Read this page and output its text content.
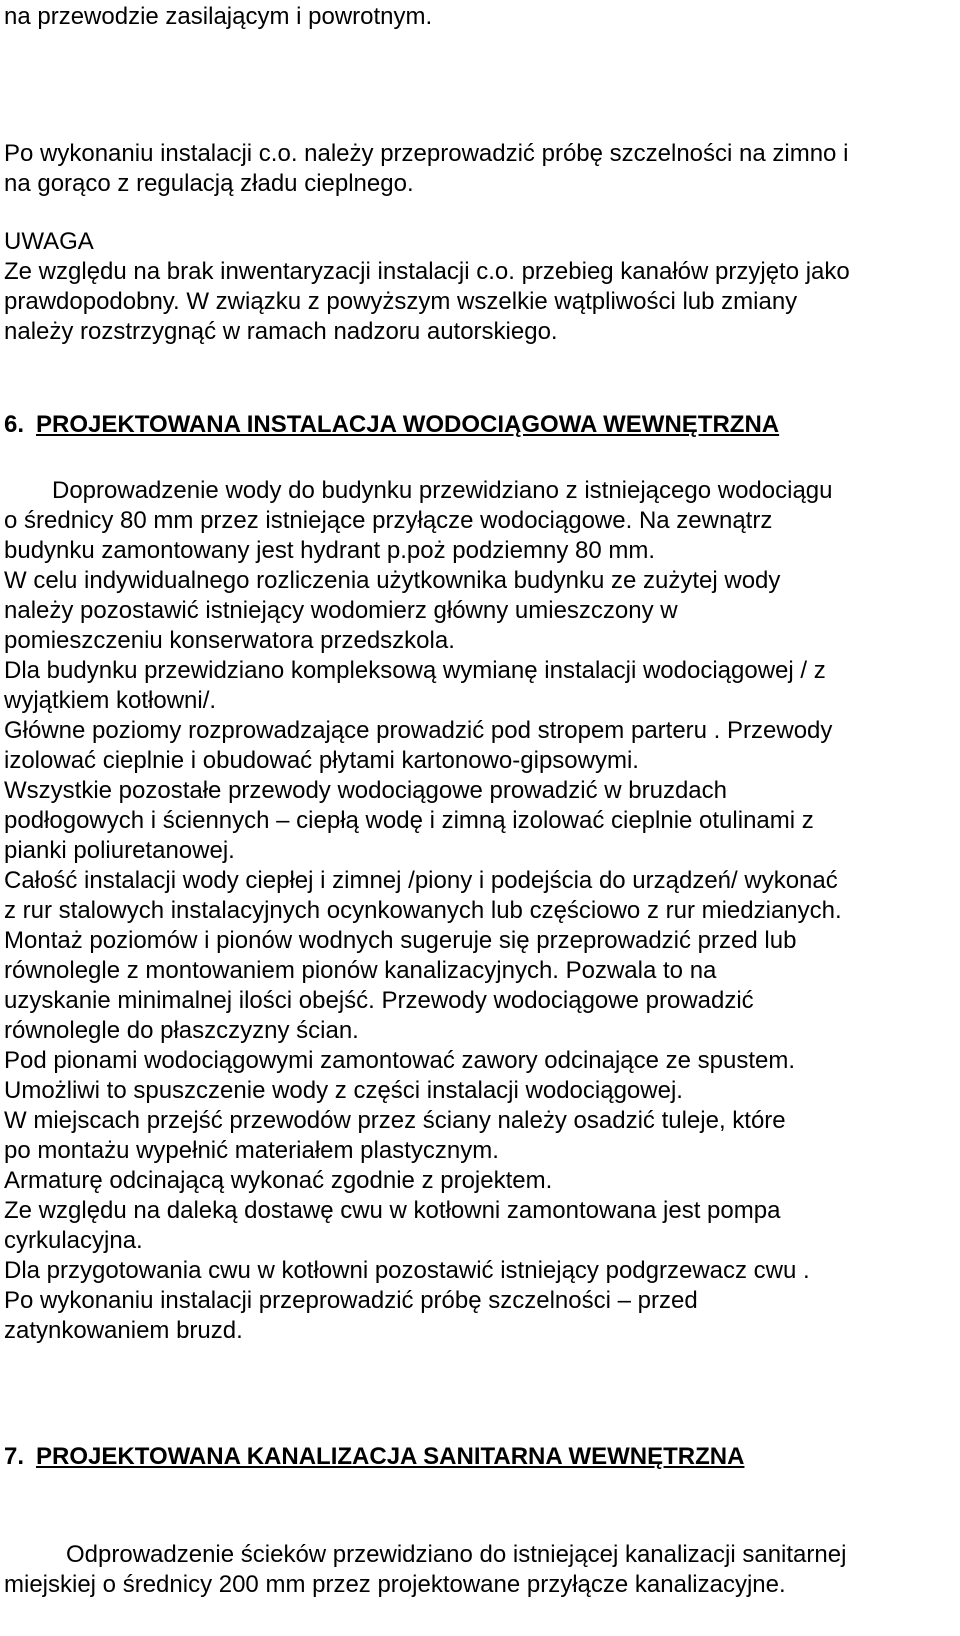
na przewodzie zasilającym i powrotnym.
Po wykonaniu instalacji c.o. należy przeprowadzić próbę szczelności na zimno i
na gorąco z regulacją zładu cieplnego.
UWAGA
Ze względu na brak inwentaryzacji instalacji c.o. przebieg kanałów przyjęto jako
prawdopodobny. W związku z powyższym wszelkie wątpliwości lub zmiany
należy rozstrzygnąć w ramach nadzoru autorskiego.
6. PROJEKTOWANA INSTALACJA WODOCIĄGOWA WEWNĘTRZNA
Doprowadzenie wody do budynku przewidziano z istniejącego wodociągu
o średnicy 80 mm przez istniejące przyłącze wodociągowe. Na zewnątrz
budynku zamontowany jest hydrant p.poż podziemny 80 mm.
W celu indywidualnego rozliczenia użytkownika budynku ze zużytej wody
należy pozostawić istniejący wodomierz główny umieszczony w
pomieszczeniu konserwatora przedszkola.
Dla budynku przewidziano kompleksową wymianę instalacji wodociągowej / z
wyjątkiem kotłowni/.
Główne poziomy rozprowadzające prowadzić pod stropem parteru . Przewody
izolować cieplnie i obudować płytami kartonowo-gipsowymi.
Wszystkie pozostałe przewody wodociągowe prowadzić w bruzdach
podłogowych i ściennych – ciepłą wodę i zimną izolować cieplnie otulinami z
pianki poliuretanowej.
Całość instalacji wody ciepłej i zimnej /piony i podejścia do urządzeń/ wykonać
z rur stalowych instalacyjnych ocynkowanych lub częściowo z rur miedzianych.
Montaż poziomów i pionów wodnych sugeruje się przeprowadzić przed lub
równolegle z montowaniem pionów kanalizacyjnych. Pozwala to na
uzyskanie minimalnej ilości obejść. Przewody wodociągowe prowadzić
równolegle do płaszczyzny ścian.
Pod pionami wodociągowymi zamontować zawory odcinające ze spustem.
Umożliwi to spuszczenie wody z części instalacji wodociągowej.
W miejscach przejść przewodów przez ściany należy osadzić tuleje, które
po montażu wypełnić materiałem plastycznym.
Armaturę odcinającą wykonać zgodnie z projektem.
Ze względu na daleką dostawę cwu w kotłowni zamontowana jest pompa
cyrkulacyjna.
Dla przygotowania cwu w kotłowni pozostawić istniejący podgrzewacz cwu .
Po wykonaniu instalacji przeprowadzić próbę szczelności – przed
zatynkowaniem bruzd.
7. PROJEKTOWANA KANALIZACJA SANITARNA WEWNĘTRZNA
Odprowadzenie ścieków przewidziano do istniejącej kanalizacji sanitarnej
miejskiej o średnicy 200 mm przez projektowane przyłącze kanalizacyjne.
